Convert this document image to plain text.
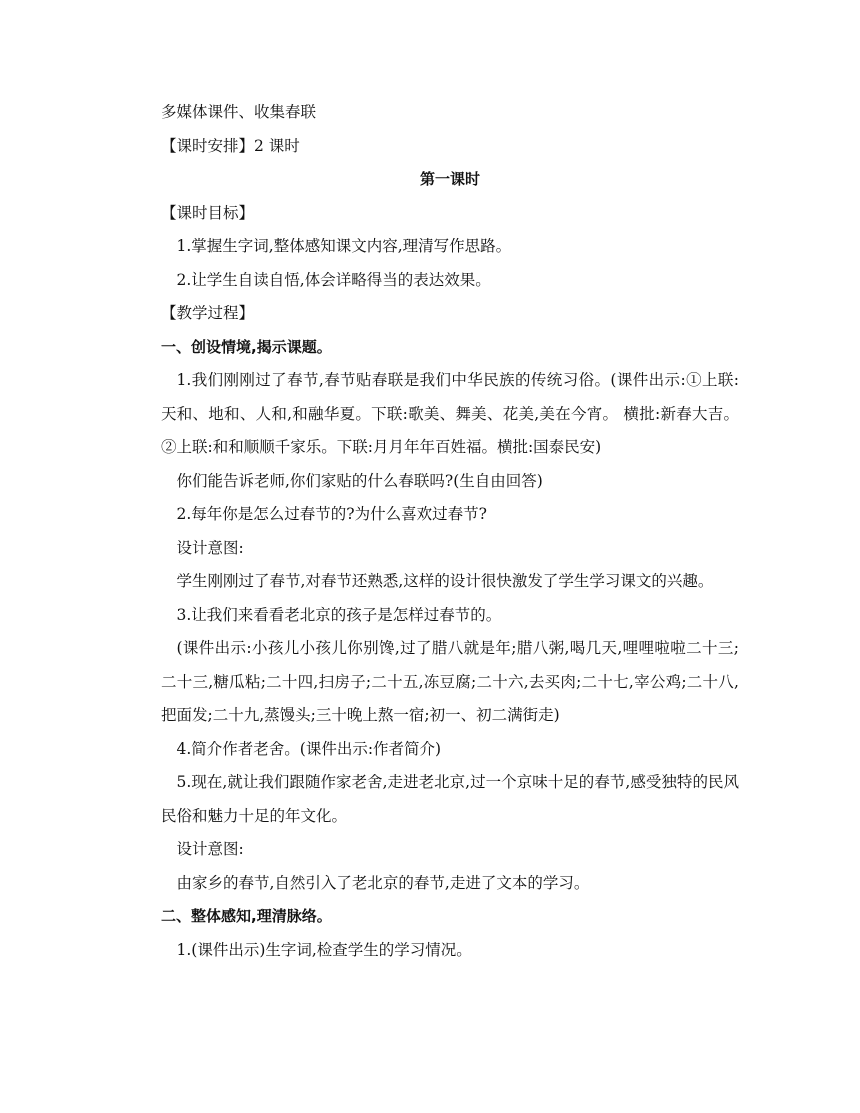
多媒体课件、收集春联

【课时安排】2 课时

第一课时

【课时目标】

1.掌握生字词,整体感知课文内容,理清写作思路。

2.让学生自读自悟,体会详略得当的表达效果。

【教学过程】

一、创设情境,揭示课题。

1.我们刚刚过了春节,春节贴春联是我们中华民族的传统习俗。(课件出示:①上联:天和、地和、人和,和融华夏。下联:歌美、舞美、花美,美在今宵。 横批:新春大吉。②上联:和和顺顺千家乐。下联:月月年年百姓福。横批:国泰民安)

你们能告诉老师,你们家贴的什么春联吗?(生自由回答)

2.每年你是怎么过春节的?为什么喜欢过春节?

设计意图:

学生刚刚过了春节,对春节还熟悉,这样的设计很快激发了学生学习课文的兴趣。

3.让我们来看看老北京的孩子是怎样过春节的。

(课件出示:小孩儿小孩儿你别馋,过了腊八就是年;腊八粥,喝几天,哩哩啦啦二十三;二十三,糖瓜粘;二十四,扫房子;二十五,冻豆腐;二十六,去买肉;二十七,宰公鸡;二十八,把面发;二十九,蒸馒头;三十晚上熬一宿;初一、初二满街走)

4.简介作者老舍。(课件出示:作者简介)

5.现在,就让我们跟随作家老舍,走进老北京,过一个京味十足的春节,感受独特的民风民俗和魅力十足的年文化。

设计意图:

由家乡的春节,自然引入了老北京的春节,走进了文本的学习。

二、整体感知,理清脉络。

1.(课件出示)生字词,检查学生的学习情况。
